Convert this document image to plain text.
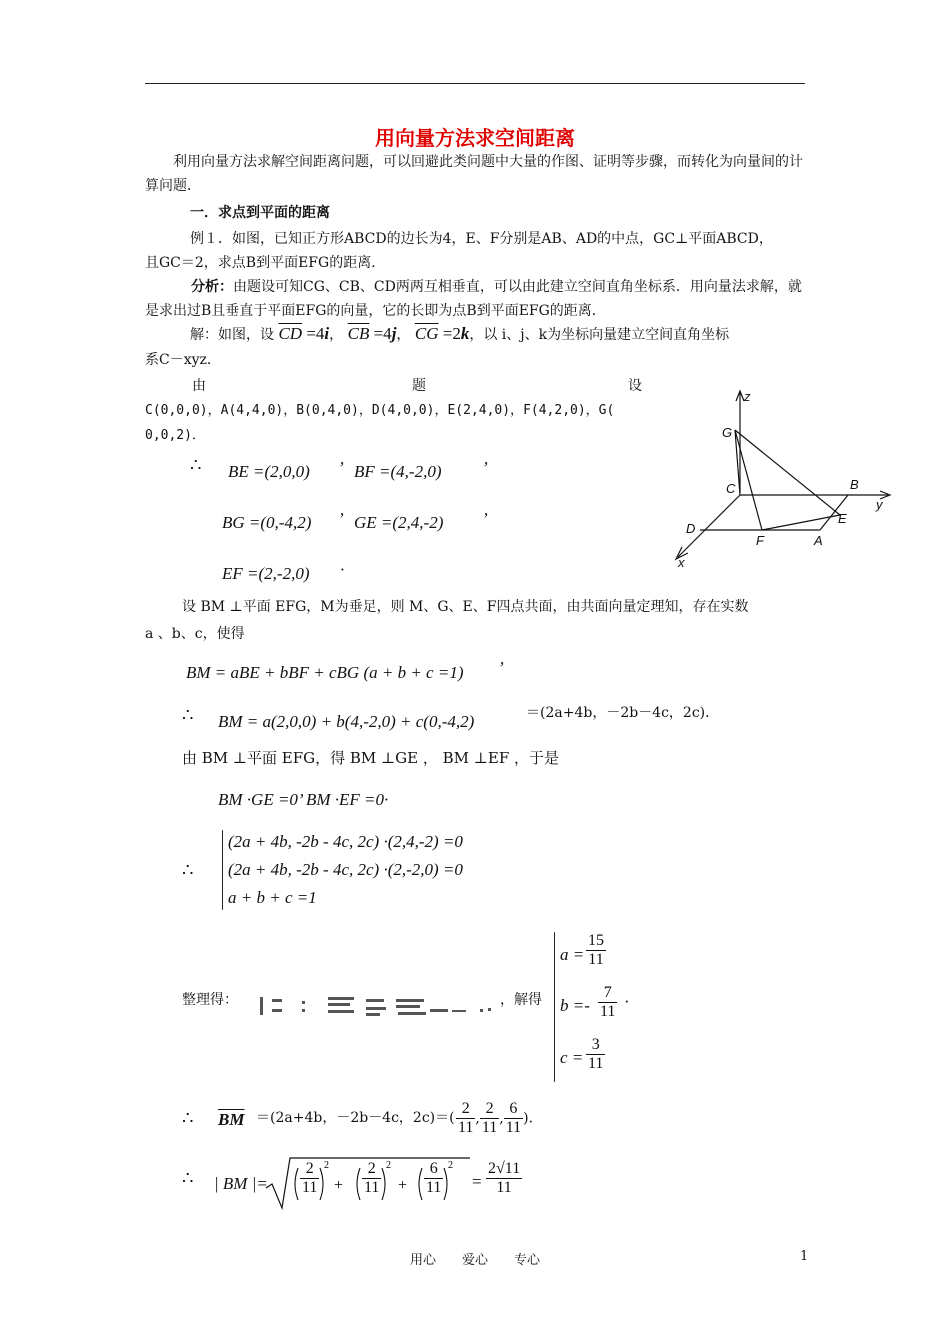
用向量方法求空间距离
利用向量方法求解空间距离问题，可以回避此类问题中大量的作图、证明等步骤，而转化为向量间的计算问题．
一．求点到平面的距离
例１．如图，已知正方形ABCD的边长为4，E、F分别是AB、AD的中点，GC⊥平面ABCD，
且GC＝2，求点B到平面EFG的距离．
分析：由题设可知CG、CB、CD两两互相垂直，可以由此建立空间直角坐标系．用向量法求解，就是求出过B且垂直于平面EFG的向量，它的长即为点B到平面EFG的距离．
解：如图，设 $\overline{CD} =4i$， $\overline{CB} =4j$， $\overline{CG} =2k$，以 i、j、k为坐标向量建立空间直角坐标
系C－xyz．
由	题	设
C(0,0,0)，A(4,4,0)，B(0,4,0)，D(4,0,0)，E(2,4,0)，F(4,2,0)，G(
0,0,2)．
∴ BE =(2,0,0) ’ BF =(4,-2,0) ’
BG =(0,-4,2) ’ GE =(2,4,-2) ’
EF =(2,-2,0) ·
z
G
C	B
y
E
D
F	A
x
设 BM ⊥平面 EFG，M为垂足，则 M、G、E、F四点共面，由共面向量定理知，存在实数
a 、b、c，使得
BM = aBE + bBF + cBG (a + b + c =1) ’
∴ BM = a(2,0,0) + b(4,-2,0) + c(0,-4,2)	＝(2a+4b，－2b－4c，2c)．
由 BM ⊥平面 EFG，得 BM ⊥GE ， BM ⊥EF ，于是
BM ·GE =0’ BM ·EF =0·
∴
(2a + 4b, -2b - 4c, 2c) ·(2,4,-2) =0
(2a + 4b, -2b - 4c, 2c) ·(2,-2,0) =0
a + b + c =1
整理得：	，解得
$a = \frac{15}{11}$
$b =- \frac{7}{11}$ ·
$c = \frac{3}{11}$
∴ $\overline{BM} =(2a+4b$，－2b－4c，$2c)=( \frac{2}{11}$ , $\frac{2}{11}$ , $\frac{6}{11}$ )．
∴ | BM |=
2	2	2
+	+
$\frac{2}{11}$	$\frac{2}{11}$	$\frac{6}{11} = \frac{2√11}{11}$
用心　　爱心　　专心	1
